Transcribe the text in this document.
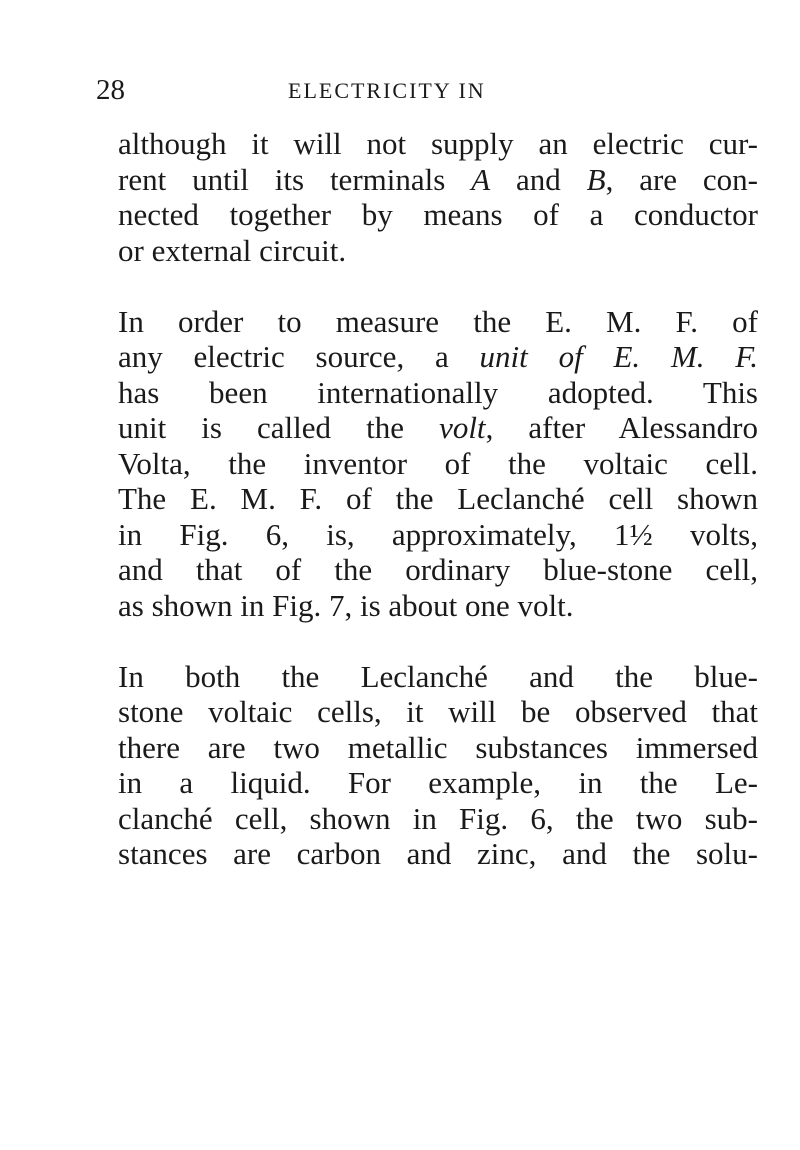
28	ELECTRICITY IN

although it will not supply an electric cur-
rent until its terminals A and B, are con-
nected together by means of a conductor
or external circuit.

In order to measure the E. M. F. of
any electric source, a unit of E. M. F.
has been internationally adopted. This
unit is called the volt, after Alessandro
Volta, the inventor of the voltaic cell.
The E. M. F. of the Leclanché cell shown
in Fig. 6, is, approximately, 1½ volts,
and that of the ordinary blue-stone cell,
as shown in Fig. 7, is about one volt.

In both the Leclanché and the blue-
stone voltaic cells, it will be observed that
there are two metallic substances immersed
in a liquid. For example, in the Le-
clanché cell, shown in Fig. 6, the two sub-
stances are carbon and zinc, and the solu-
